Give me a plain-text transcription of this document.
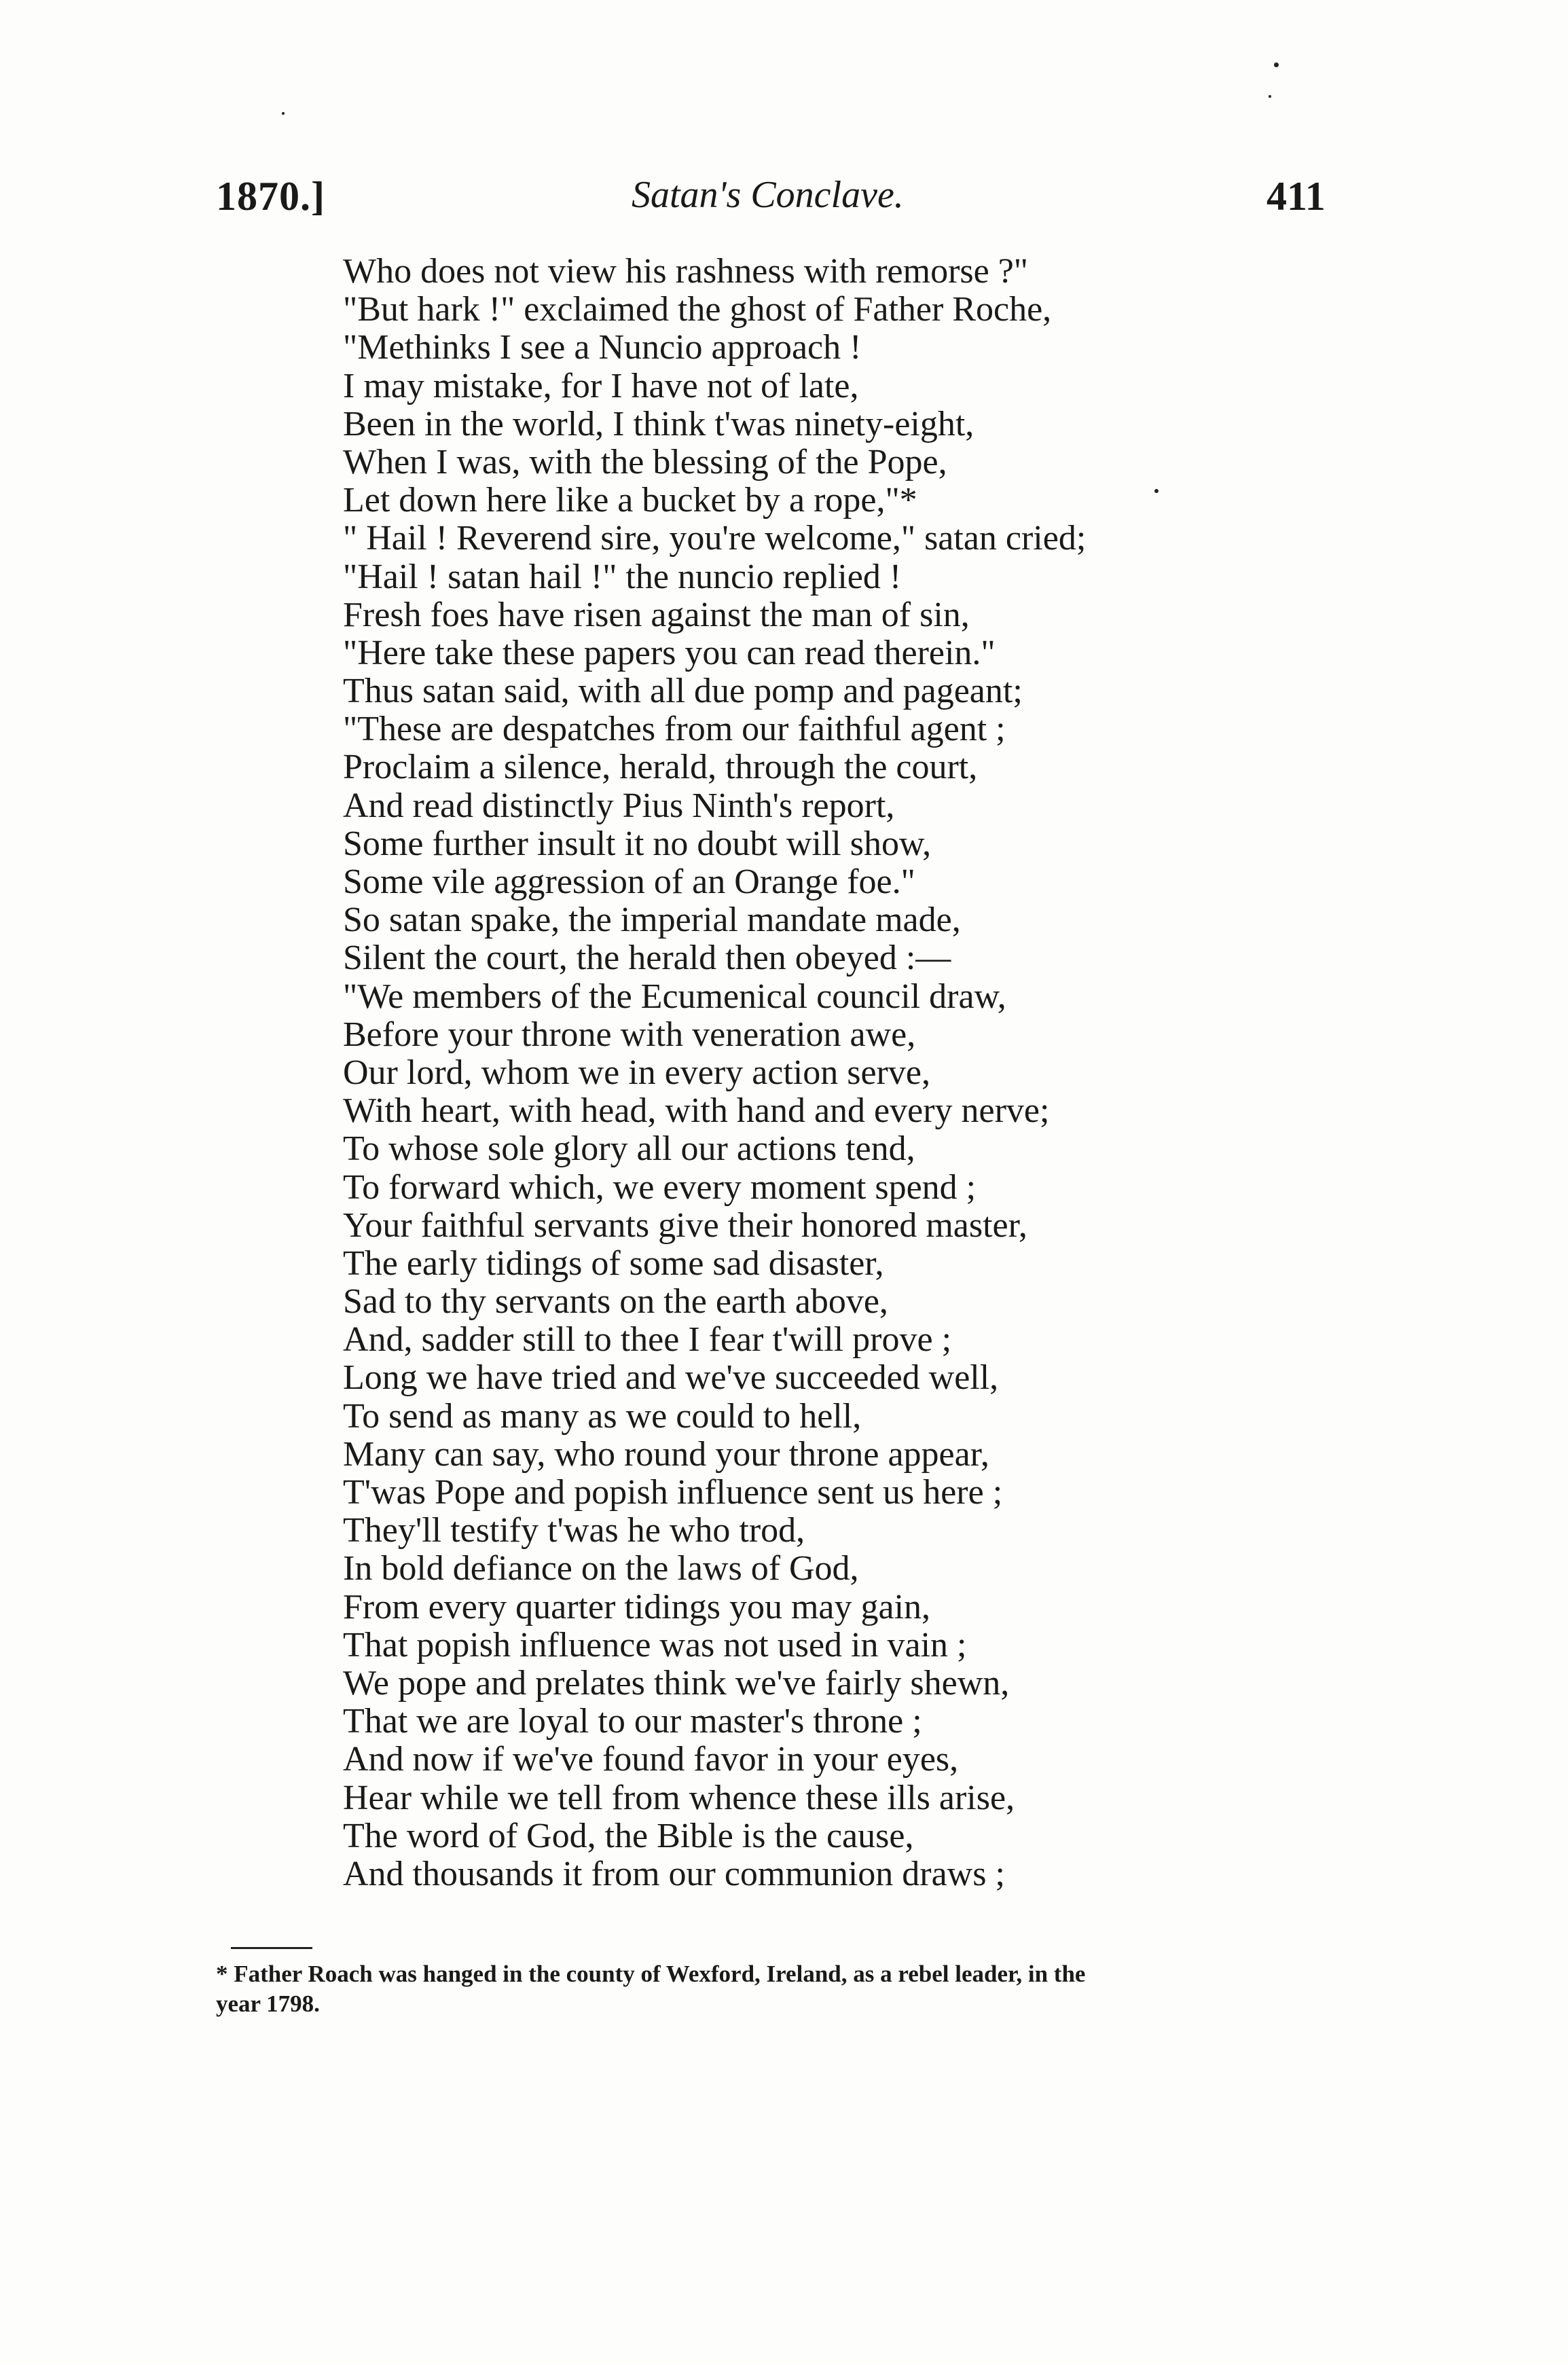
1870.]	Satan's Conclave.	411
Who does not view his rashness with remorse ?"
"But hark !" exclaimed the ghost of Father Roche,
"Methinks I see a Nuncio approach !
I may mistake, for I have not of late,
Been in the world, I think t'was ninety-eight,
When I was, with the blessing of the Pope,
Let down here like a bucket by a rope,"*
" Hail ! Reverend sire, you're welcome," satan cried;
"Hail ! satan hail !" the nuncio replied !
Fresh foes have risen against the man of sin,
"Here take these papers you can read therein."
Thus satan said, with all due pomp and pageant;
"These are despatches from our faithful agent ;
Proclaim a silence, herald, through the court,
And read distinctly Pius Ninth's report,
Some further insult it no doubt will show,
Some vile aggression of an Orange foe."
So satan spake, the imperial mandate made,
Silent the court, the herald then obeyed :—
"We members of the Ecumenical council draw,
Before your throne with veneration awe,
Our lord, whom we in every action serve,
With heart, with head, with hand and every nerve;
To whose sole glory all our actions tend,
To forward which, we every moment spend ;
Your faithful servants give their honored master,
The early tidings of some sad disaster,
Sad to thy servants on the earth above,
And, sadder still to thee I fear t'will prove ;
Long we have tried and we've succeeded well,
To send as many as we could to hell,
Many can say, who round your throne appear,
T'was Pope and popish influence sent us here ;
They'll testify t'was he who trod,
In bold defiance on the laws of God,
From every quarter tidings you may gain,
That popish influence was not used in vain ;
We pope and prelates think we've fairly shewn,
That we are loyal to our master's throne ;
And now if we've found favor in your eyes,
Hear while we tell from whence these ills arise,
The word of God, the Bible is the cause,
And thousands it from our communion draws ;
* Father Roach was hanged in the county of Wexford, Ireland, as a rebel leader, in the
year 1798.
